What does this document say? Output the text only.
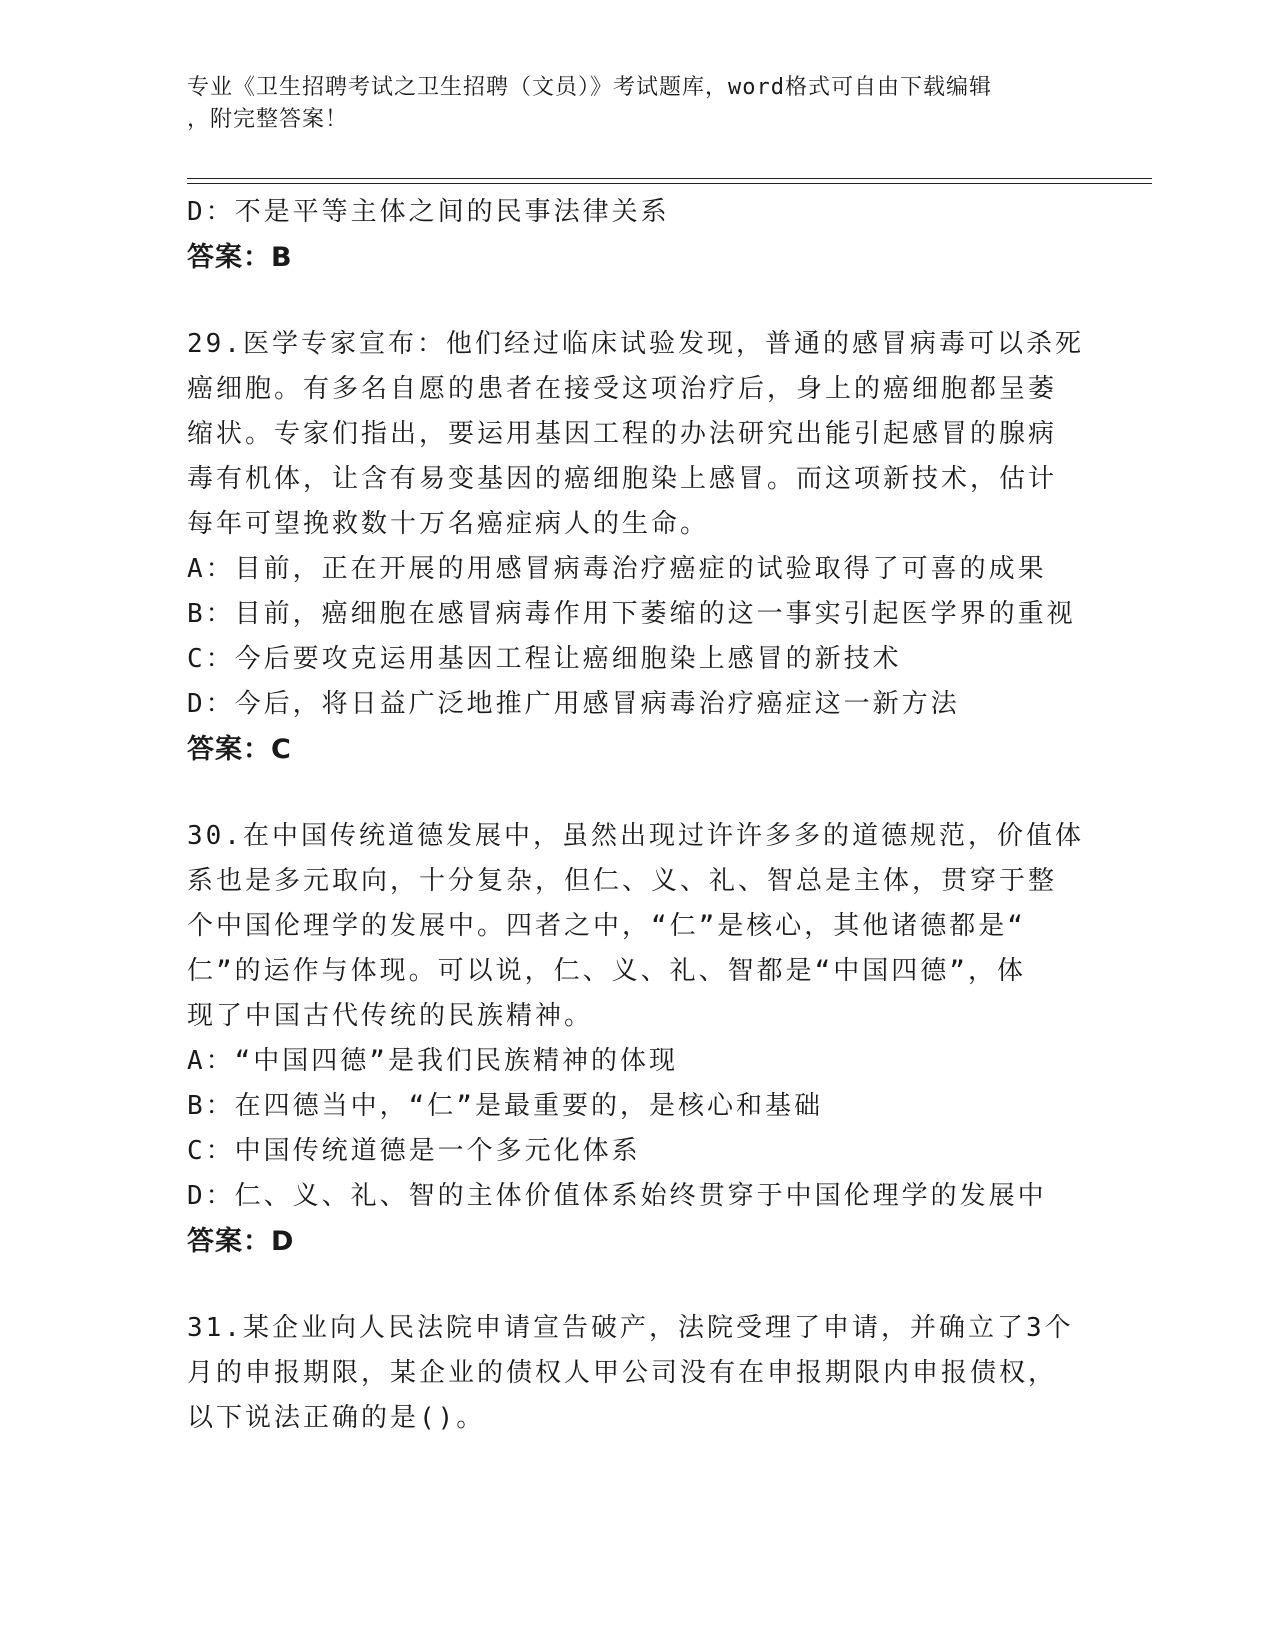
专业《卫生招聘考试之卫生招聘（文员）》考试题库，word格式可自由下载编辑
，附完整答案！
D：不是平等主体之间的民事法律关系
答案：B
29.医学专家宣布：他们经过临床试验发现，普通的感冒病毒可以杀死
癌细胞。有多名自愿的患者在接受这项治疗后，身上的癌细胞都呈萎
缩状。专家们指出，要运用基因工程的办法研究出能引起感冒的腺病
毒有机体，让含有易变基因的癌细胞染上感冒。而这项新技术，估计
每年可望挽救数十万名癌症病人的生命。
A：目前，正在开展的用感冒病毒治疗癌症的试验取得了可喜的成果
B：目前，癌细胞在感冒病毒作用下萎缩的这一事实引起医学界的重视
C：今后要攻克运用基因工程让癌细胞染上感冒的新技术
D：今后，将日益广泛地推广用感冒病毒治疗癌症这一新方法
答案：C
30.在中国传统道德发展中，虽然出现过许许多多的道德规范，价值体
系也是多元取向，十分复杂，但仁、义、礼、智总是主体，贯穿于整
个中国伦理学的发展中。四者之中，“仁”是核心，其他诸德都是“
仁”的运作与体现。可以说，仁、义、礼、智都是“中国四德”，体
现了中国古代传统的民族精神。
A：“中国四德”是我们民族精神的体现
B：在四德当中，“仁”是最重要的，是核心和基础
C：中国传统道德是一个多元化体系
D：仁、义、礼、智的主体价值体系始终贯穿于中国伦理学的发展中
答案：D
31.某企业向人民法院申请宣告破产，法院受理了申请，并确立了3个
月的申报期限，某企业的债权人甲公司没有在申报期限内申报债权，
以下说法正确的是()。
